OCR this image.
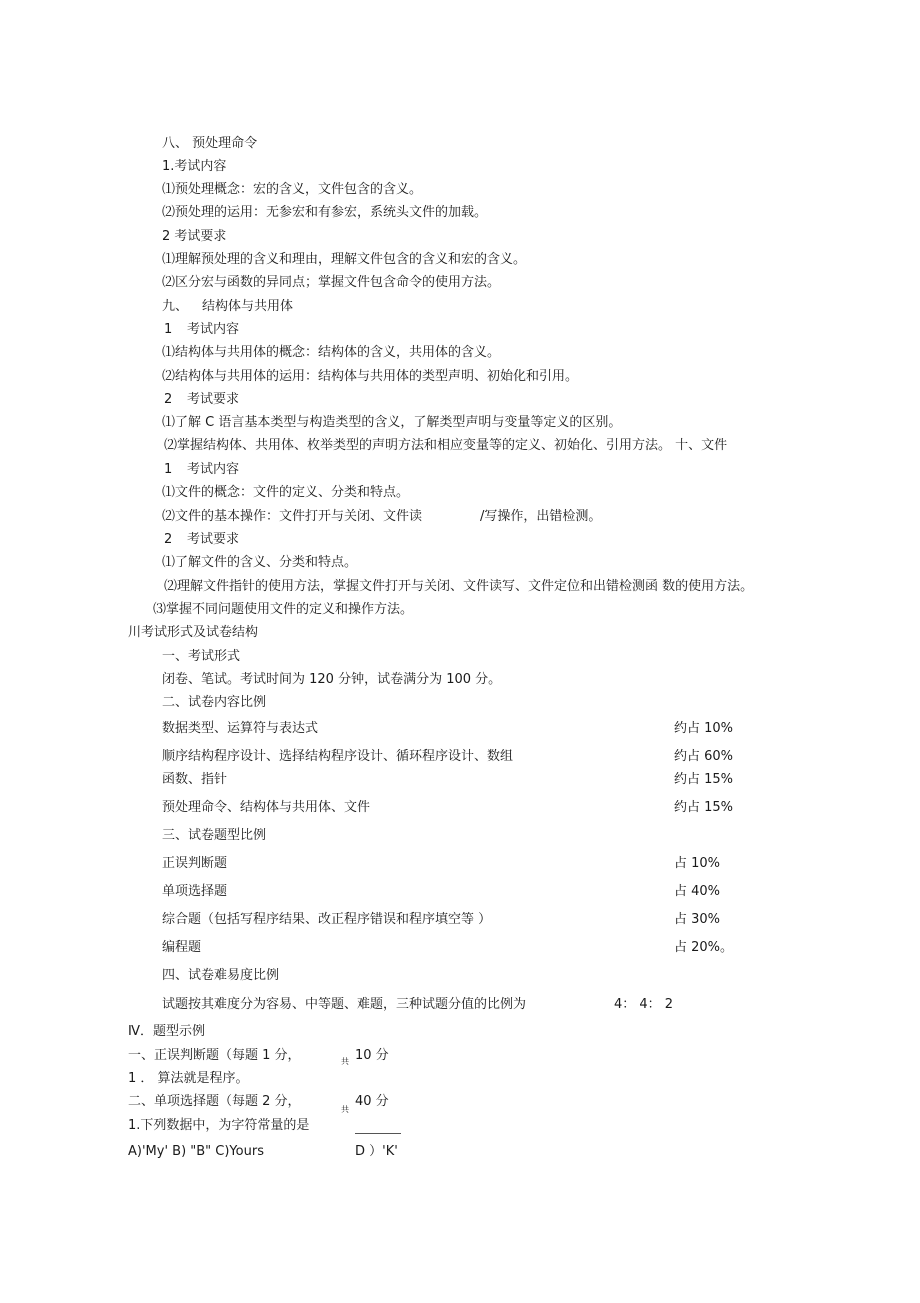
八、 预处理命令
1.考试内容
⑴预处理概念：宏的含义，文件包含的含义。
⑵预处理的运用：无参宏和有参宏，系统头文件的加载。
2 考试要求
⑴理解预处理的含义和理由，理解文件包含的含义和宏的含义。
⑵区分宏与函数的异同点；掌握文件包含命令的使用方法。
九、 结构体与共用体
1 考试内容
⑴结构体与共用体的概念：结构体的含义，共用体的含义。
⑵结构体与共用体的运用：结构体与共用体的类型声明、初始化和引用。
2 考试要求
⑴了解 C 语言基本类型与构造类型的含义，了解类型声明与变量等定义的区别。
⑵掌握结构体、共用体、枚举类型的声明方法和相应变量等的定义、初始化、引用方法。 十、文件
1 考试内容
⑴文件的概念：文件的定义、分类和特点。
⑵文件的基本操作：文件打开与关闭、文件读	/写操作，出错检测。
2 考试要求
⑴了解文件的含义、分类和特点。
⑵理解文件指针的使用方法，掌握文件打开与关闭、文件读写、文件定位和出错检测函 数的使用方法。
⑶掌握不同问题使用文件的定义和操作方法。
川考试形式及试卷结构
一、考试形式
闭卷、笔试。考试时间为 120 分钟，试卷满分为 100 分。
二、试卷内容比例
数据类型、运算符与表达式	约占 10%
顺序结构程序设计、选择结构程序设计、循环程序设计、数组	约占 60%
函数、指针	约占 15%
预处理命令、结构体与共用体、文件	约占 15%
三、试卷题型比例
正误判断题	占 10%
单项选择题	占 40%
综合题（包括写程序结果、改正程序错误和程序填空等 ）	占 30%
编程题	占 20%。
四、试卷难易度比例
试题按其难度分为容易、中等题、难题，三种试题分值的比例为	4： 4： 2
Ⅳ．题型示例
一、正误判断题（每题 1 分，	共 10 分
1 ． 算法就是程序。
二、单项选择题（每题 2 分，
共
40 分
1.下列数据中，为字符常量的是
A)'My' B) "B" C)Yours	D ）'K'
